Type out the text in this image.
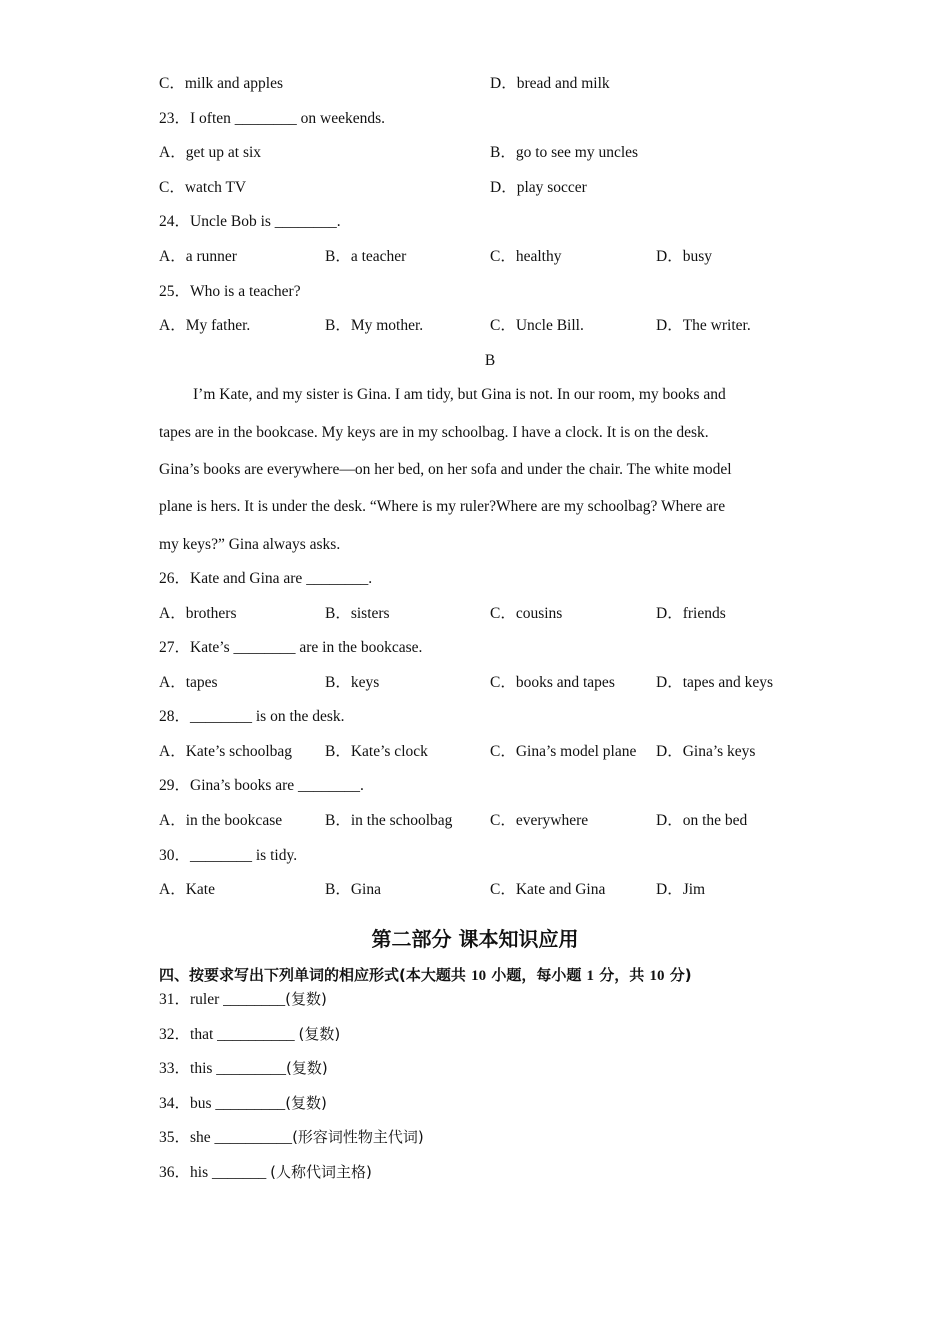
C．milk and apples	D．bread and milk
23．I often ________ on weekends.
A．get up at six	B．go to see my uncles
C．watch TV	D．play soccer
24．Uncle Bob is ________.
A．a runner	B．a teacher	C．healthy	D．busy
25．Who is a teacher?
A．My father.	B．My mother.	C．Uncle Bill.	D．The writer.
B
I’m Kate, and my sister is Gina. I am tidy, but Gina is not. In our room, my books and
tapes are in the bookcase. My keys are in my schoolbag. I have a clock. It is on the desk.
Gina’s books are everywhere—on her bed, on her sofa and under the chair. The white model
plane is hers. It is under the desk. “Where is my ruler?Where are my schoolbag? Where are
my keys?” Gina always asks.
26．Kate and Gina are ________.
A．brothers	B．sisters	C．cousins	D．friends
27．Kate’s ________ are in the bookcase.
A．tapes	B．keys	C．books and tapes	D．tapes and keys
28．________ is on the desk.
A．Kate’s schoolbag B．Kate’s clock	C．Gina’s model plane D．Gina’s keys
29．Gina’s books are ________.
A．in the bookcase	B．in the schoolbag C．everywhere	D．on the bed
30．________ is tidy.
A．Kate	B．Gina	C．Kate and Gina	D．Jim
第二部分 课本知识应用
四、按要求写出下列单词的相应形式(本大题共 10 小题，每小题 1 分，共 10 分)
31．ruler ________(复数)
32．that __________ (复数)
33．this _________(复数)
34．bus _________(复数)
35．she __________(形容词性物主代词)
36．his _______ (人称代词主格)
